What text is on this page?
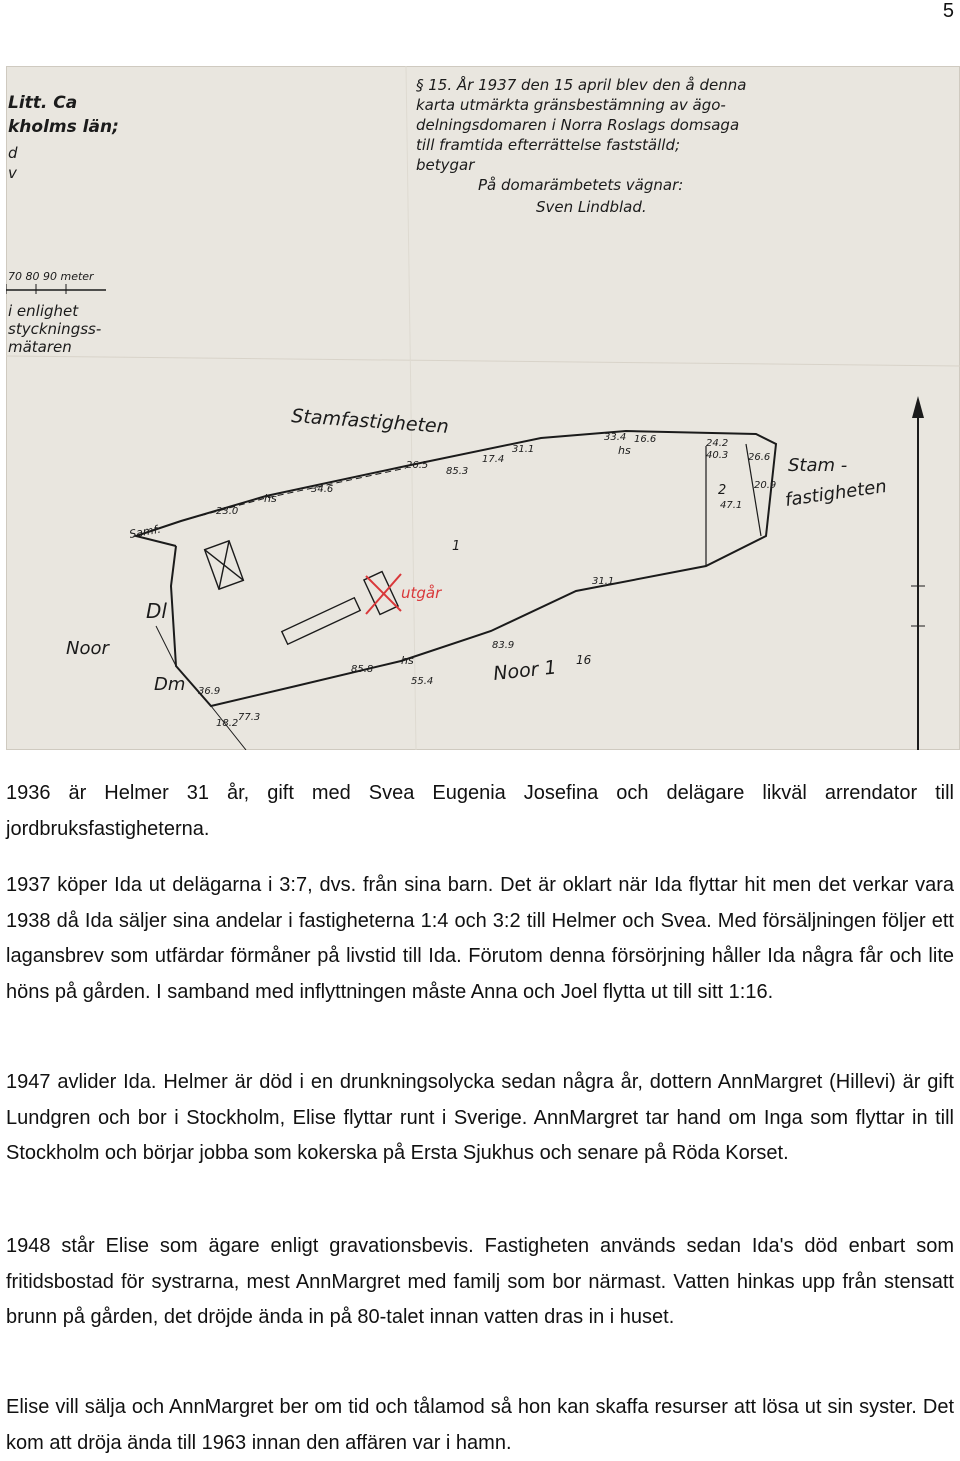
5
§ 15. År 1937 den 15 april blev den å denna
karta utmärkta gränsbestämning av ägo-
delningsdomaren i Norra Roslags domsaga
till framtida efterrättelse fastställd;
betygar
På domarämbetets vägnar:
Sven Lindblad.
Litt. Ca
kholms län;
d
v
70 80 90 meter
i enlighet
styckningss-
mätaren
utgår
Stamfastigheten
Stam -
fastigheten
1
2
Dl
Noor
Dm	Noor 1 16
hs
hs
hs
Samf.
34.6
23.0
33.4 16.6	24.2
40.3
31.1
26.5
85.3
17.4	26.6
20.9
47.1
31.1
55.4
85.8
18.2
77.3
83.9
36.9

1936 är Helmer 31 år, gift med Svea Eugenia Josefina och delägare likväl arrendator till jordbruksfastigheterna.

1937 köper Ida ut delägarna i 3:7, dvs. från sina barn. Det är oklart när Ida flyttar hit men det verkar vara 1938 då Ida säljer sina andelar i fastigheterna 1:4 och 3:2 till Helmer och Svea. Med försäljningen följer ett lagansbrev som utfärdar förmåner på livstid till Ida. Förutom denna försörjning håller Ida några får och lite höns på gården. I samband med inflyttningen måste Anna och Joel flytta ut till sitt 1:16.

1947 avlider Ida. Helmer är död i en drunkningsolycka sedan några år, dottern AnnMargret (Hillevi) är gift Lundgren och bor i Stockholm, Elise flyttar runt i Sverige. AnnMargret tar hand om Inga som flyttar in till Stockholm och börjar jobba som kokerska på Ersta Sjukhus och senare på Röda Korset.

1948 står Elise som ägare enligt gravationsbevis. Fastigheten används sedan Ida's död enbart som fritidsbostad för systrarna, mest AnnMargret med familj som bor närmast. Vatten hinkas upp från stensatt brunn på gården, det dröjde ända in på 80-talet innan vatten dras in i huset.

Elise vill sälja och AnnMargret ber om tid och tålamod så hon kan skaffa resurser att lösa ut sin syster. Det kom att dröja ända till 1963 innan den affären var i hamn.
